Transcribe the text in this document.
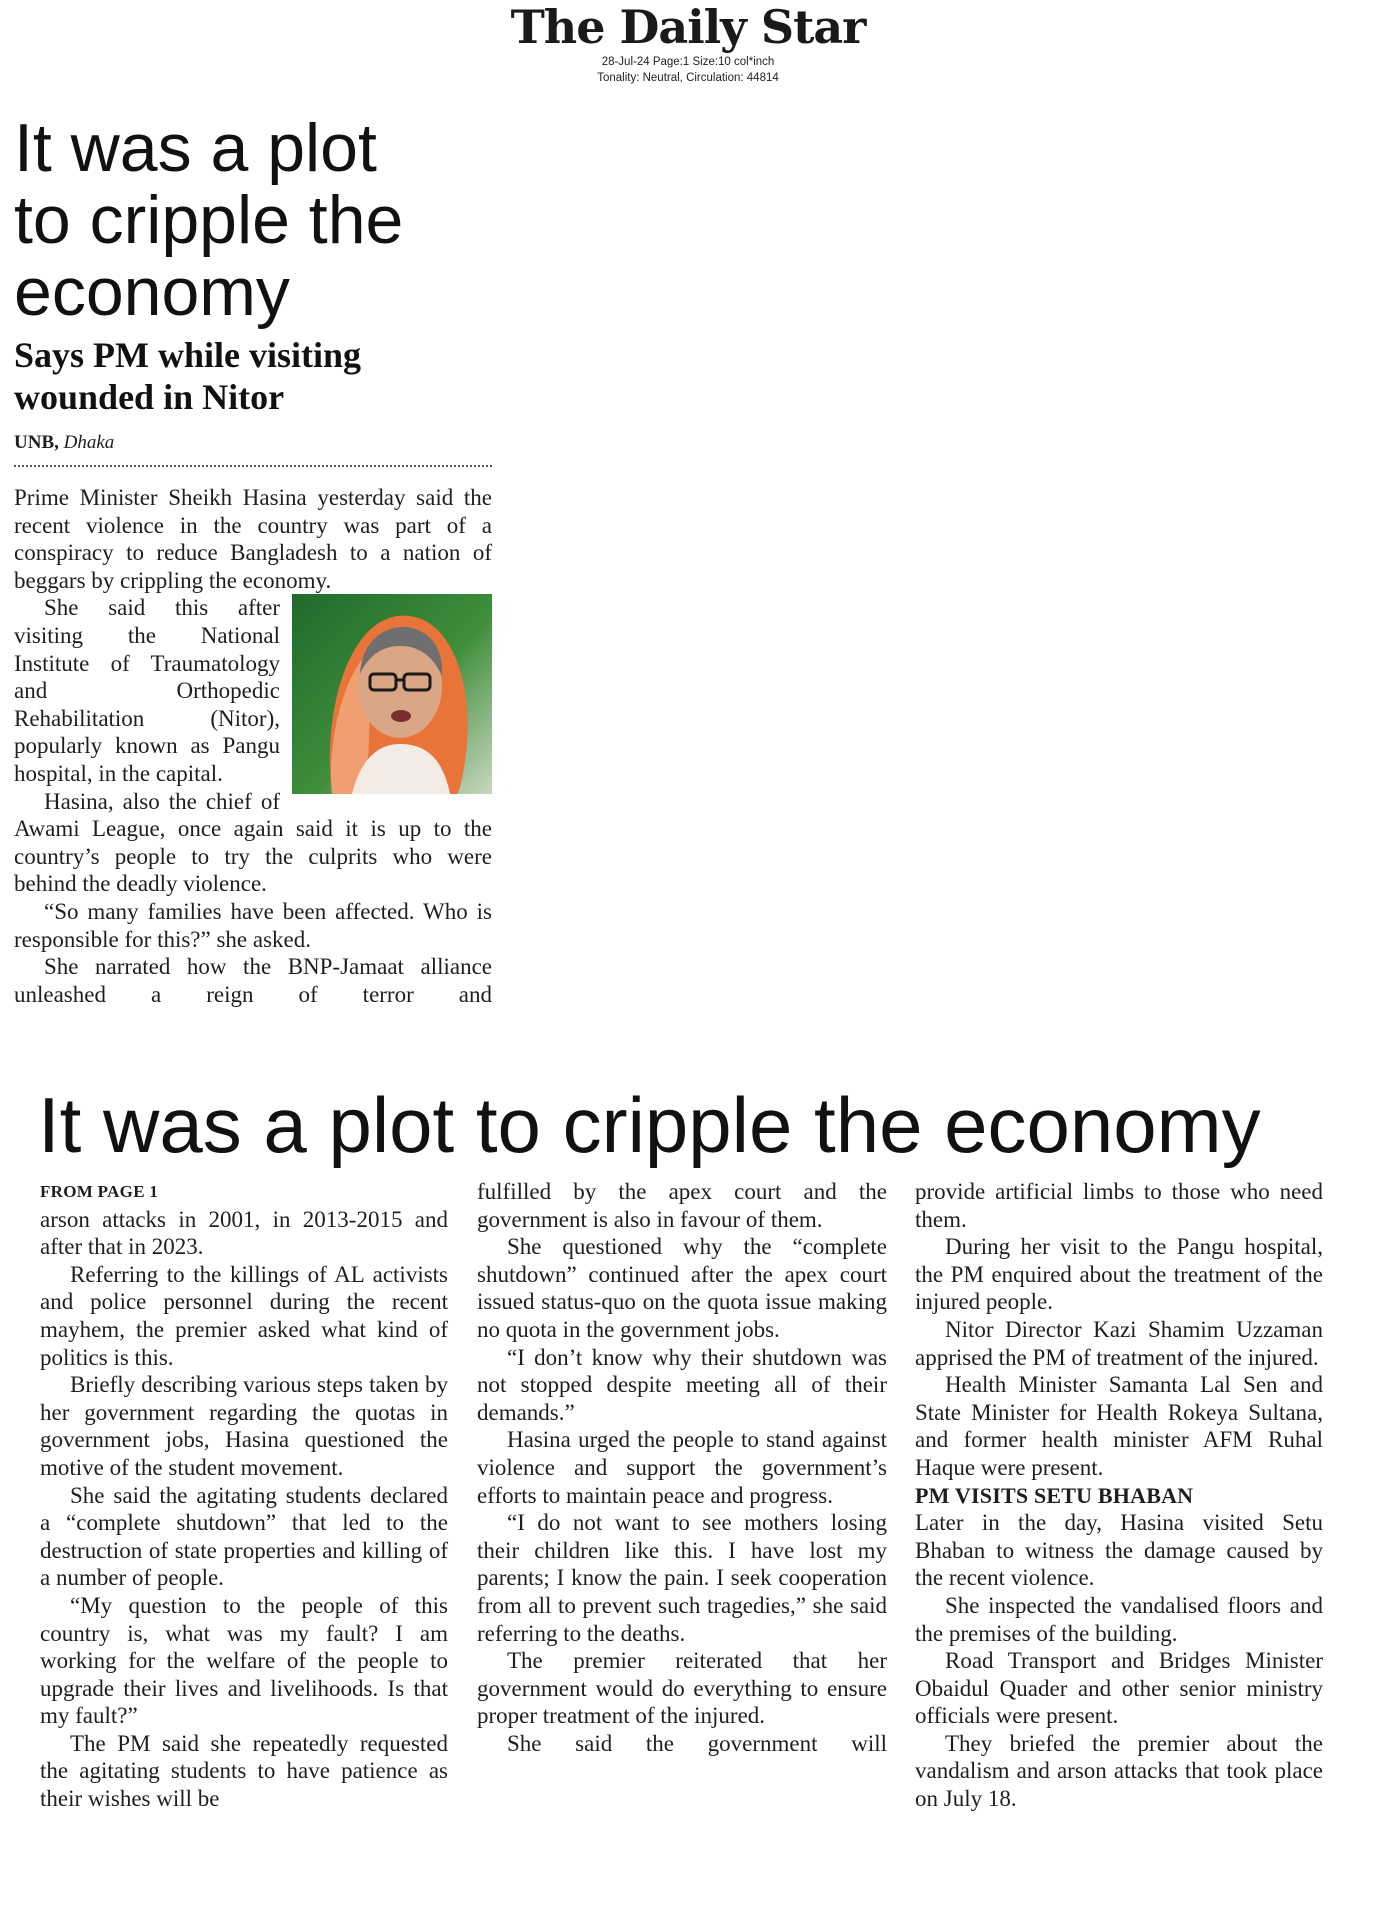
The Daily Star
28-Jul-24 Page:1 Size:10 col*inch
Tonality: Neutral, Circulation: 44814
It was a plot
to cripple the
economy
Says PM while visiting
wounded in Nitor
UNB, Dhaka

Prime Minister Sheikh Hasina yesterday said the recent violence in the country was part of a conspiracy to reduce Bangladesh to a nation of beggars by crippling the economy.

She said this after visiting the National Institute of Traumatology and Orthopedic Rehabilitation (Nitor), popularly known as Pangu hospital, in the capital.

Hasina, also the chief of Awami League, once again said it is up to the country’s people to try the culprits who were behind the deadly violence.

“So many families have been affected. Who is responsible for this?” she asked.

She narrated how the BNP-Jamaat alliance unleashed a reign of terror and

It was a plot to cripple the economy

FROM PAGE 1

arson attacks in 2001, in 2013-2015 and after that in 2023.

Referring to the killings of AL activists and police personnel during the recent mayhem, the premier asked what kind of politics is this.

Briefly describing various steps taken by her government regarding the quotas in government jobs, Hasina questioned the motive of the student movement.

She said the agitating students declared a “complete shutdown” that led to the destruction of state properties and killing of a number of people.

“My question to the people of this country is, what was my fault? I am working for the welfare of the people to upgrade their lives and livelihoods. Is that my fault?”

The PM said she repeatedly requested the agitating students to have patience as their wishes will be

fulfilled by the apex court and the government is also in favour of them.

She questioned why the “complete shutdown” continued after the apex court issued status-quo on the quota issue making no quota in the government jobs.

“I don’t know why their shutdown was not stopped despite meeting all of their demands.”

Hasina urged the people to stand against violence and support the government’s efforts to maintain peace and progress.

“I do not want to see mothers losing their children like this. I have lost my parents; I know the pain. I seek cooperation from all to prevent such tragedies,” she said referring to the deaths.

The premier reiterated that her government would do everything to ensure proper treatment of the injured.

She said the government will

provide artificial limbs to those who need them.

During her visit to the Pangu hospital, the PM enquired about the treatment of the injured people.

Nitor Director Kazi Shamim Uzzaman apprised the PM of treatment of the injured.

Health Minister Samanta Lal Sen and State Minister for Health Rokeya Sultana, and former health minister AFM Ruhal Haque were present.

PM VISITS SETU BHABAN

Later in the day, Hasina visited Setu Bhaban to witness the damage caused by the recent violence.

She inspected the vandalised floors and the premises of the building.

Road Transport and Bridges Minister Obaidul Quader and other senior ministry officials were present.

They briefed the premier about the vandalism and arson attacks that took place on July 18.
